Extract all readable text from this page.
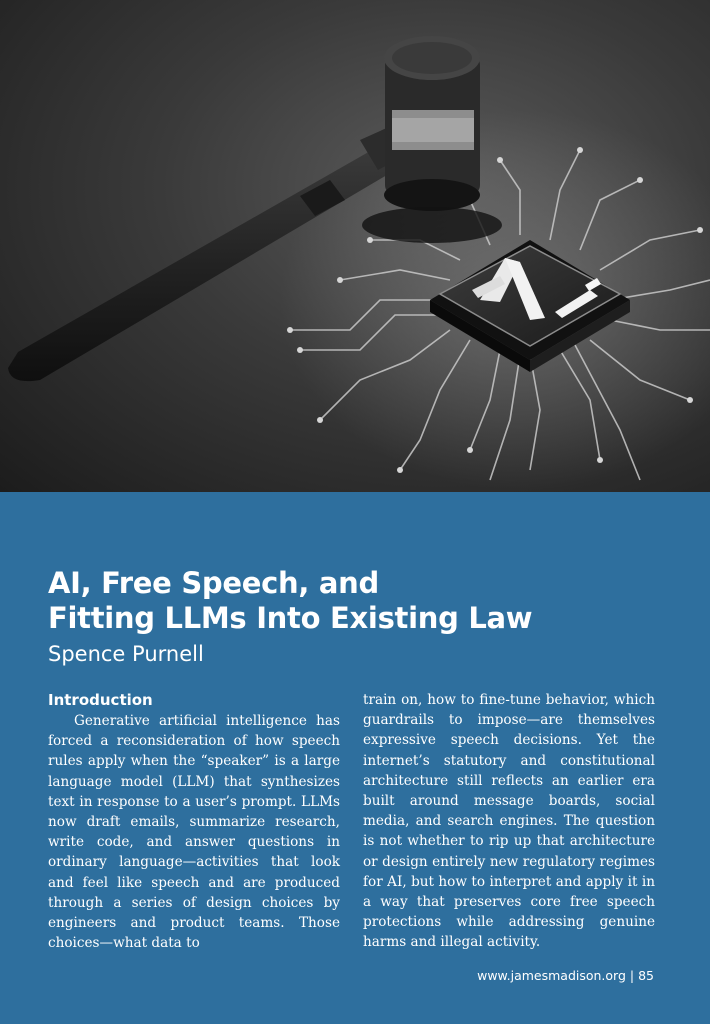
AI, Free Speech, and
Fitting LLMs Into Existing Law
Spence Purnell
Introduction

Generative artificial intelligence has forced a reconsideration of how speech rules apply when the “speaker” is a large language model (LLM) that synthesizes text in response to a user’s prompt. LLMs now draft emails, summarize research, write code, and answer questions in ordinary language—activities that look and feel like speech and are produced through a series of design choices by engineers and product teams. Those choices—what data to

train on, how to fine-tune behavior, which guardrails to impose—are themselves expressive speech decisions. Yet the internet’s statutory and constitutional architecture still reflects an earlier era built around message boards, social media, and search engines. The question is not whether to rip up that architecture or design entirely new regulatory regimes for AI, but how to interpret and apply it in a way that preserves core free speech protections while addressing genuine harms and illegal activity.

www.jamesmadison.org | 85
